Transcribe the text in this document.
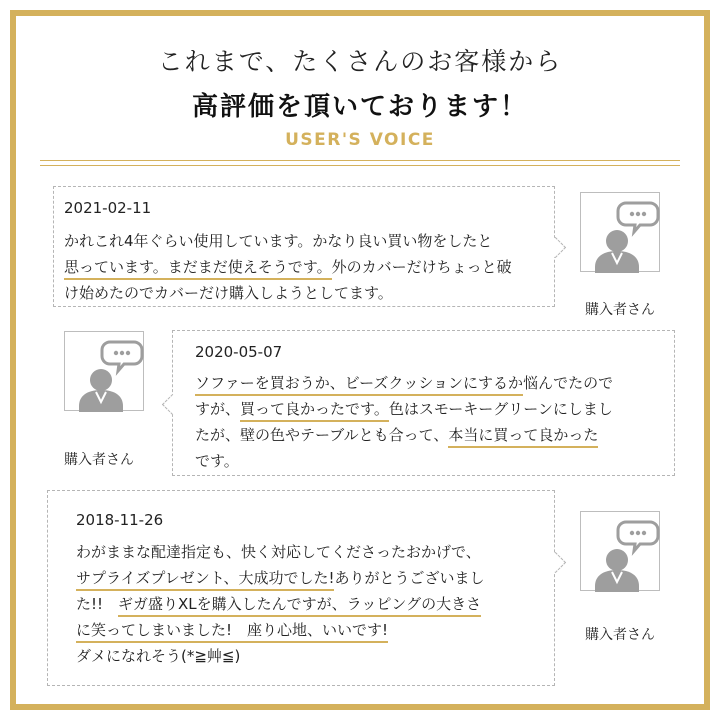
これまで、たくさんのお客様から
高評価を頂いております！
USER'S VOICE
2021-02-11
かれこれ4年ぐらい使用しています。かなり良い買い物をしたと
思っています。まだまだ使えそうです。外のカバーだけちょっと破
け始めたのでカバーだけ購入しようとしてます。
購入者さん
購入者さん
2020-05-07
ソファーを買おうか、ビーズクッションにするか悩んでたので
すが、買って良かったです。色はスモーキーグリーンにしまし
たが、壁の色やテーブルとも合って、本当に買って良かった
です。
2018-11-26
わがままな配達指定も、快く対応してくださったおかげで、
サプライズプレゼント、大成功でした!ありがとうございまし
た!!　ギガ盛りXLを購入したんですが、ラッピングの大きさ
に笑ってしまいました!　座り心地、いいです!
ダメになれそう(*≧艸≦)
購入者さん
